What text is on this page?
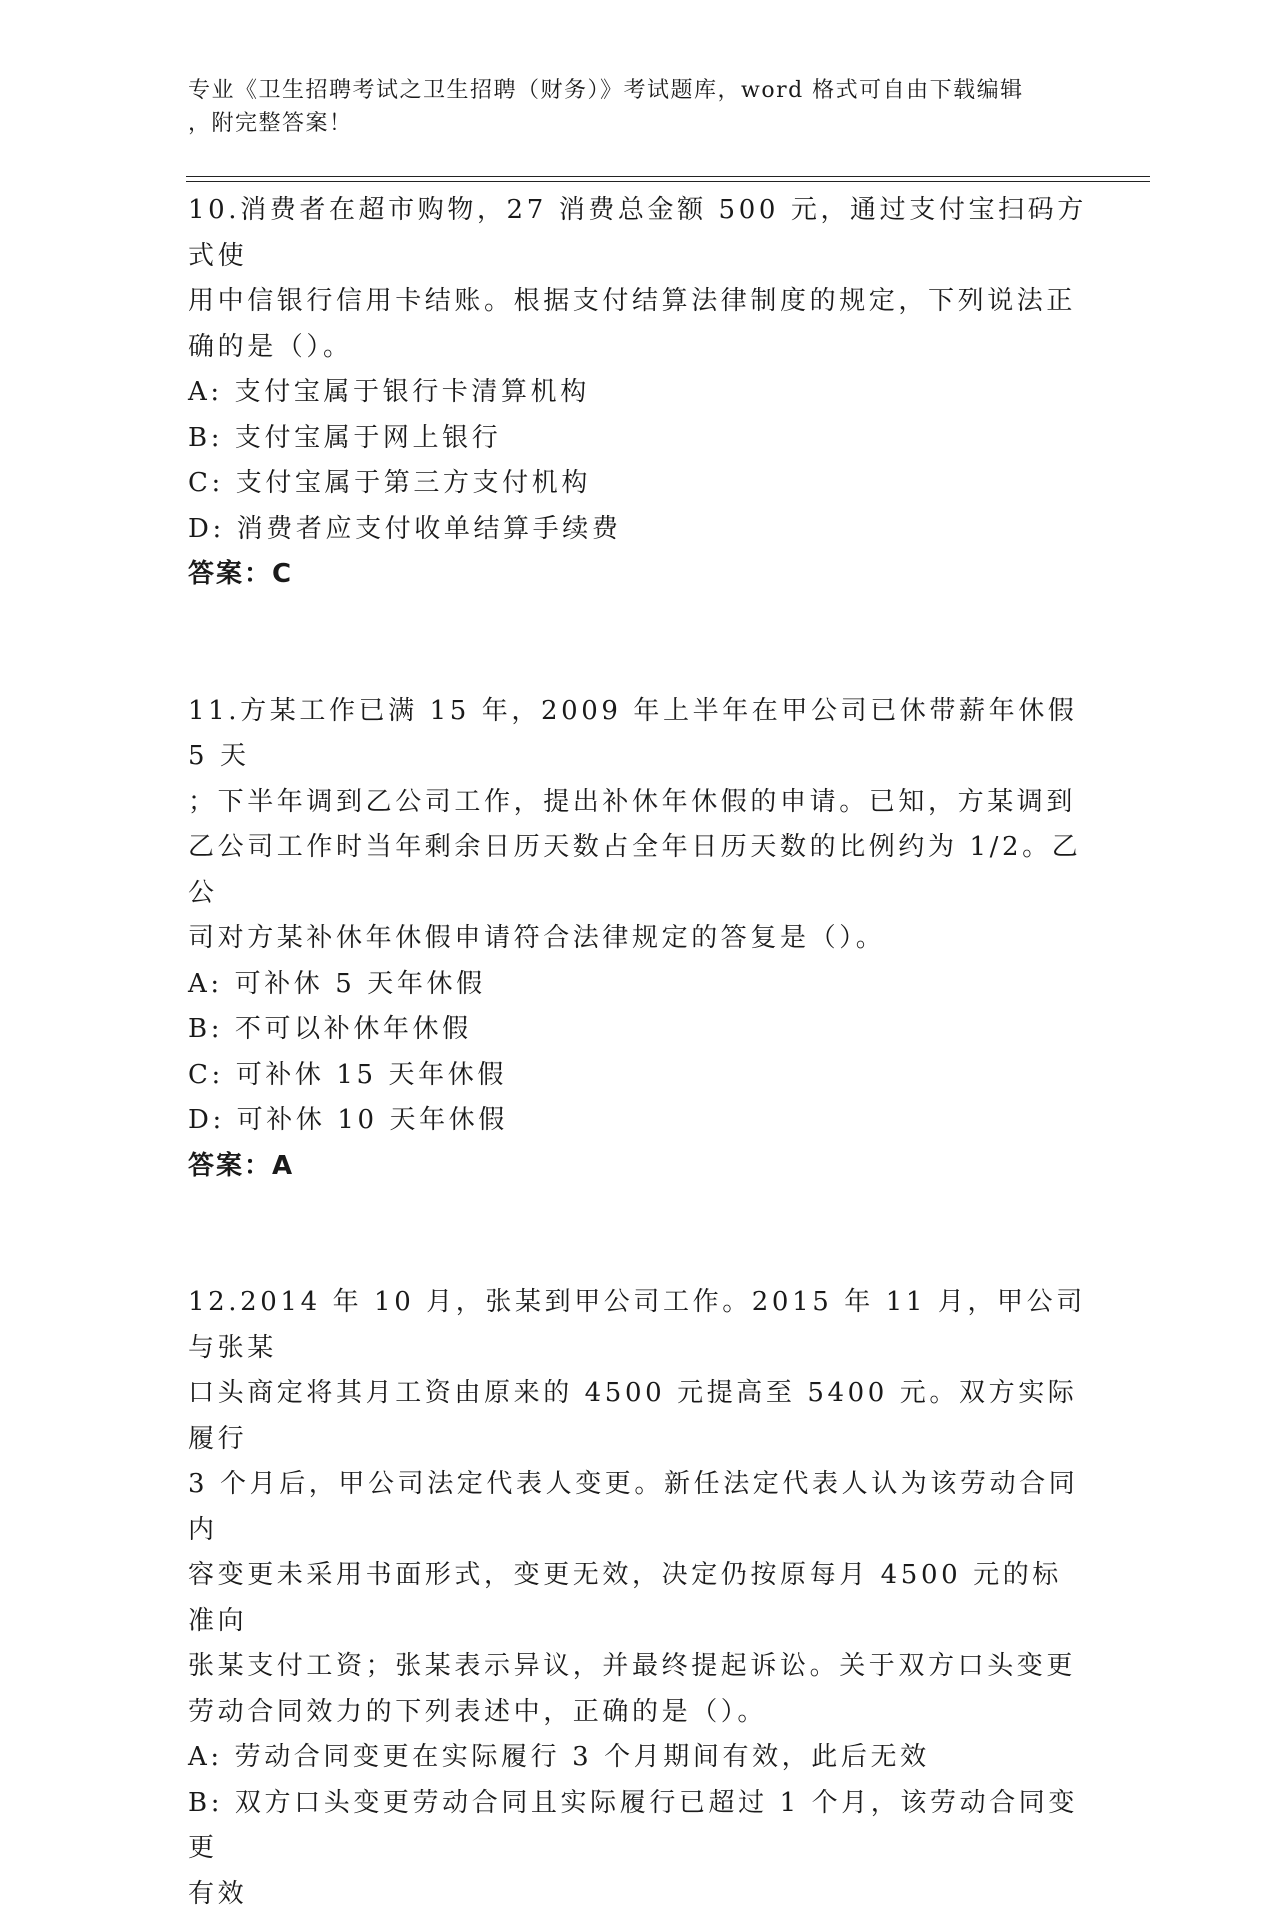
专业《卫生招聘考试之卫生招聘（财务）》考试题库，word 格式可自由下载编辑
，附完整答案！
10.消费者在超市购物，27 消费总金额 500 元，通过支付宝扫码方式使
用中信银行信用卡结账。根据支付结算法律制度的规定，下列说法正
确的是（）。
A: 支付宝属于银行卡清算机构
B: 支付宝属于网上银行
C: 支付宝属于第三方支付机构
D: 消费者应支付收单结算手续费
答案：C
11.方某工作已满 15 年，2009 年上半年在甲公司已休带薪年休假 5 天
；下半年调到乙公司工作，提出补休年休假的申请。已知，方某调到
乙公司工作时当年剩余日历天数占全年日历天数的比例约为 1/2。乙公
司对方某补休年休假申请符合法律规定的答复是（）。
A: 可补休 5 天年休假
B: 不可以补休年休假
C: 可补休 15 天年休假
D: 可补休 10 天年休假
答案：A
12.2014 年 10 月，张某到甲公司工作。2015 年 11 月，甲公司与张某
口头商定将其月工资由原来的 4500 元提高至 5400 元。双方实际履行
3 个月后，甲公司法定代表人变更。新任法定代表人认为该劳动合同内
容变更未采用书面形式，变更无效，决定仍按原每月 4500 元的标准向
张某支付工资；张某表示异议，并最终提起诉讼。关于双方口头变更
劳动合同效力的下列表述中，正确的是（）。
A: 劳动合同变更在实际履行 3 个月期间有效，此后无效
B: 双方口头变更劳动合同且实际履行已超过 1 个月，该劳动合同变更
有效
